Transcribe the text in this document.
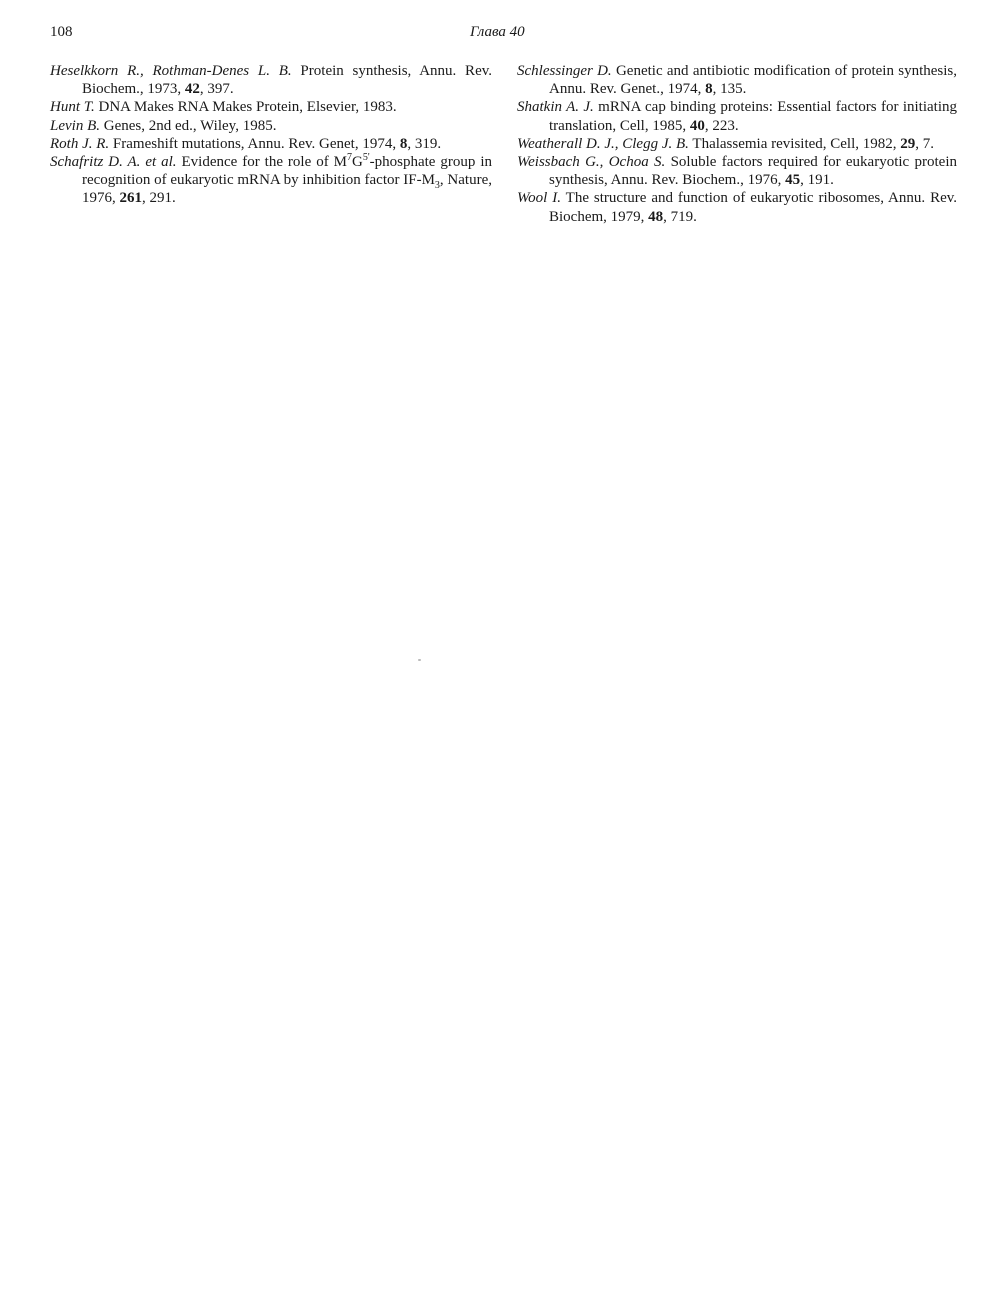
108	Глава 40

Heselkkorn R., Rothman-Denes L. B. Protein synthesis, Annu. Rev. Biochem., 1973, 42, 397.

Hunt T. DNA Makes RNA Makes Protein, Elsevier, 1983.

Levin B. Genes, 2nd ed., Wiley, 1985.

Roth J. R. Frameshift mutations, Annu. Rev. Genet, 1974, 8, 319.

Schafritz D. A. et al. Evidence for the role of $M^7G^{5'}$-phosphate group in recognition of eukaryotic mRNA by inhibition factor $IF-M_3$, Nature, 1976, 261, 291.

Schlessinger D. Genetic and antibiotic modification of protein synthesis, Annu. Rev. Genet., 1974, 8, 135.

Shatkin A. J. mRNA cap binding proteins: Essential factors for initiating translation, Cell, 1985, 40, 223.

Weatherall D. J., Clegg J. B. Thalassemia revisited, Cell, 1982, 29, 7.

Weissbach G., Ochoa S. Soluble factors required for eukaryotic protein synthesis, Annu. Rev. Biochem., 1976, 45, 191.

Wool I. The structure and function of eukaryotic ribosomes, Annu. Rev. Biochem, 1979, 48, 719.
